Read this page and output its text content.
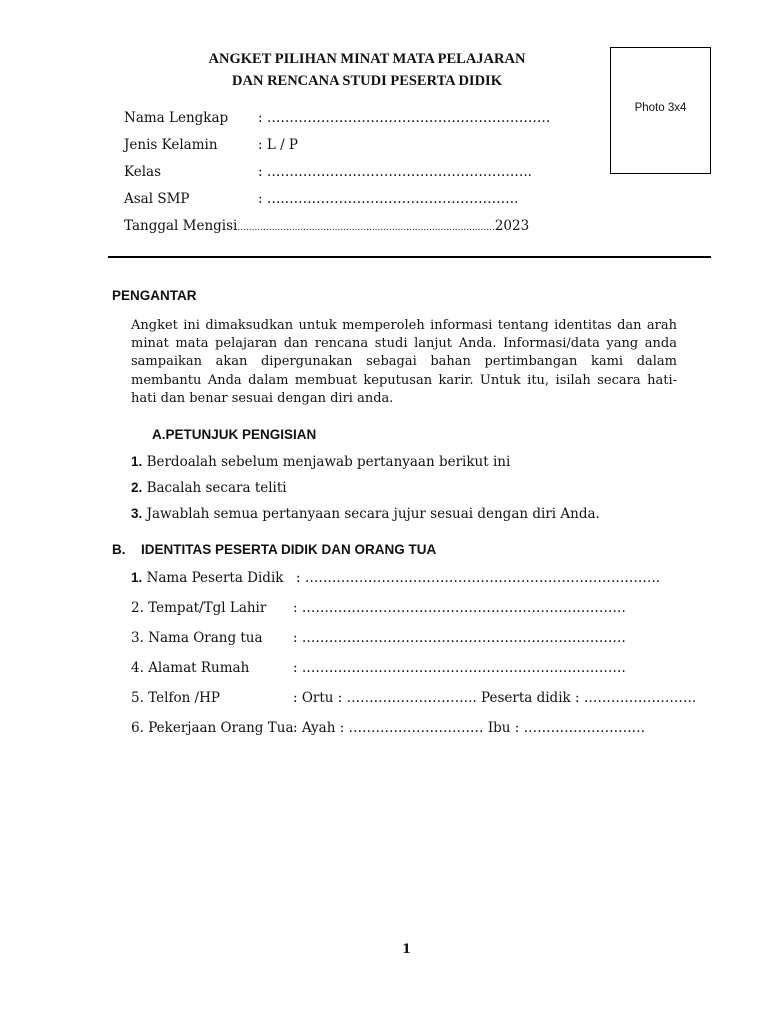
ANGKET PILIHAN MINAT MATA PELAJARAN
DAN RENCANA STUDI PESERTA DIDIK
Photo 3x4
Nama Lengkap : ………………………………………………………
Jenis Kelamin	: L / P
Kelas	: …………………………………………………..
Asal SMP	: ….…………………………………………….
Tanggal Mengisi..........................................................................................2023
PENGANTAR
Angket ini dimaksudkan untuk memperoleh informasi tentang identitas dan arah minat mata pelajaran dan rencana studi lanjut Anda. Informasi/data yang anda sampaikan akan dipergunakan sebagai bahan pertimbangan kami dalam membantu Anda dalam membuat keputusan karir. Untuk itu, isilah secara hati-hati dan benar sesuai dengan diri anda.
A.PETUNJUK PENGISIAN
1. Berdoalah sebelum menjawab pertanyaan berikut ini
2. Bacalah secara teliti
3. Jawablah semua pertanyaan secara jujur sesuai dengan diri Anda.
B. IDENTITAS PESERTA DIDIK DAN ORANG TUA
1. Nama Peserta Didik : …………………………………………………………………….
2. Tempat/Tgl Lahir : ………………………………………………………………
3. Nama Orang tua : ………………………………………………………………
4. Alamat Rumah	: ………………………………………………………………
5. Telfon /HP	: Ortu : ……………………….. Peserta didik : …………………….
6. Pekerjaan Orang Tua : Ayah : ………………………… Ibu : ………………………
1
